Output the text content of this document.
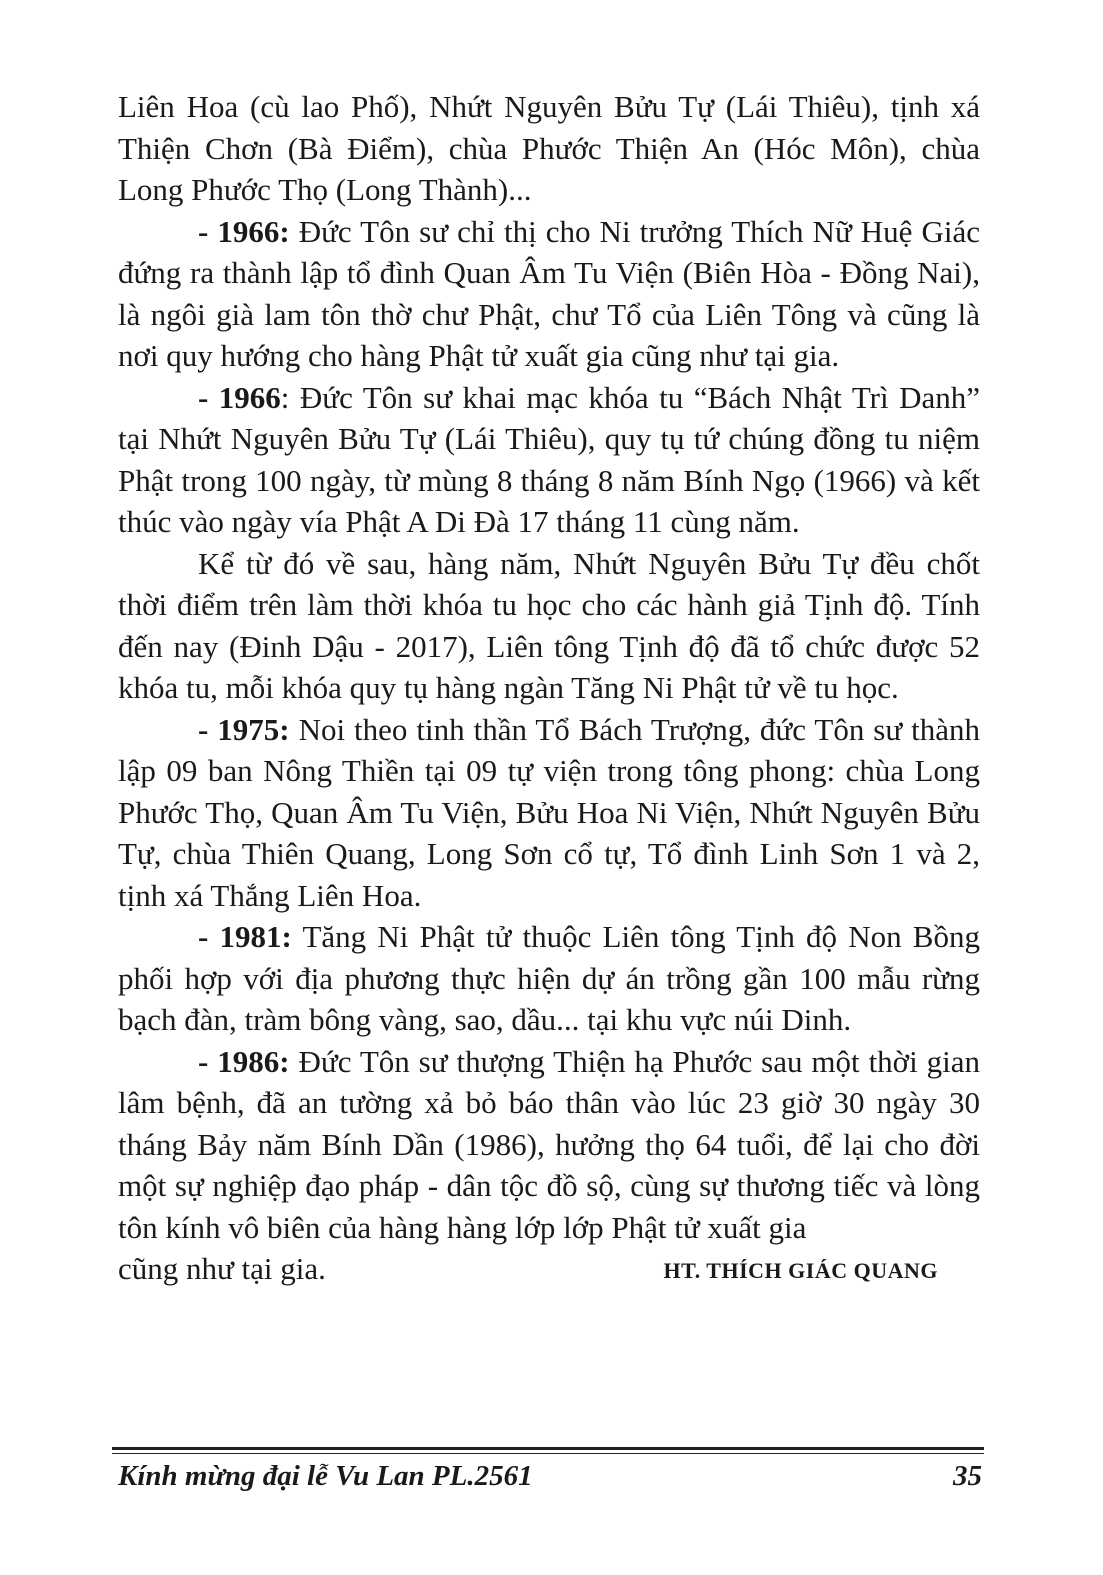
Liên Hoa (cù lao Phố), Nhứt Nguyên Bửu Tự (Lái Thiêu), tịnh xá Thiện Chơn (Bà Điểm), chùa Phước Thiện An (Hóc Môn), chùa Long Phước Thọ (Long Thành)...

- 1966: Đức Tôn sư chỉ thị cho Ni trưởng Thích Nữ Huệ Giác đứng ra thành lập tổ đình Quan Âm Tu Viện (Biên Hòa - Đồng Nai), là ngôi già lam tôn thờ chư Phật, chư Tổ của Liên Tông và cũng là nơi quy hướng cho hàng Phật tử xuất gia cũng như tại gia.

- 1966: Đức Tôn sư khai mạc khóa tu “Bách Nhật Trì Danh” tại Nhứt Nguyên Bửu Tự (Lái Thiêu), quy tụ tứ chúng đồng tu niệm Phật trong 100 ngày, từ mùng 8 tháng 8 năm Bính Ngọ (1966) và kết thúc vào ngày vía Phật A Di Đà 17 tháng 11 cùng năm.

Kể từ đó về sau, hàng năm, Nhứt Nguyên Bửu Tự đều chốt thời điểm trên làm thời khóa tu học cho các hành giả Tịnh độ. Tính đến nay (Đinh Dậu - 2017), Liên tông Tịnh độ đã tổ chức được 52 khóa tu, mỗi khóa quy tụ hàng ngàn Tăng Ni Phật tử về tu học.

- 1975: Noi theo tinh thần Tổ Bách Trượng, đức Tôn sư thành lập 09 ban Nông Thiền tại 09 tự viện trong tông phong: chùa Long Phước Thọ, Quan Âm Tu Viện, Bửu Hoa Ni Viện, Nhứt Nguyên Bửu Tự, chùa Thiên Quang, Long Sơn cổ tự, Tổ đình Linh Sơn 1 và 2, tịnh xá Thắng Liên Hoa.

- 1981: Tăng Ni Phật tử thuộc Liên tông Tịnh độ Non Bồng phối hợp với địa phương thực hiện dự án trồng gần 100 mẫu rừng bạch đàn, tràm bông vàng, sao, dầu... tại khu vực núi Dinh.

- 1986: Đức Tôn sư thượng Thiện hạ Phước sau một thời gian lâm bệnh, đã an tường xả bỏ báo thân vào lúc 23 giờ 30 ngày 30 tháng Bảy năm Bính Dần (1986), hưởng thọ 64 tuổi, để lại cho đời một sự nghiệp đạo pháp - dân tộc đồ sộ, cùng sự thương tiếc và lòng tôn kính vô biên của hàng hàng lớp lớp Phật tử xuất gia

cũng như tại gia.	HT. THÍCH GIÁC QUANG
Kính mừng đại lễ Vu Lan PL.2561	35
